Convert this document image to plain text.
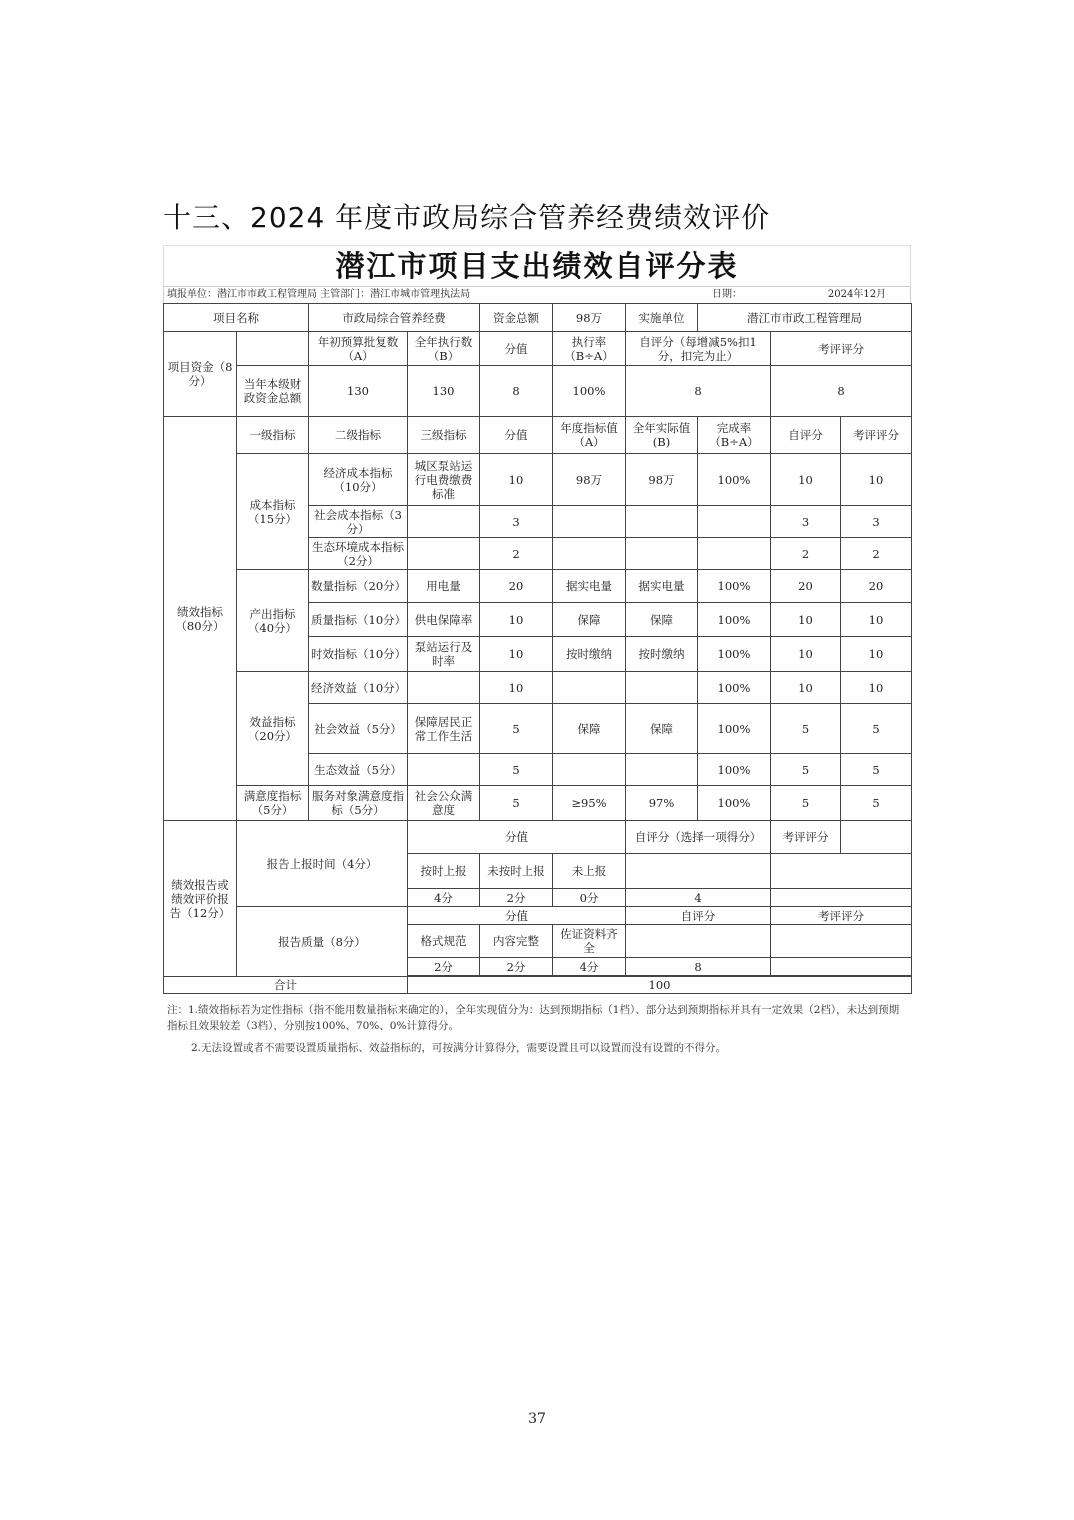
十三、2024 年度市政局综合管养经费绩效评价
潜江市项目支出绩效自评分表
填报单位：潜江市市政工程管理局 主管部门：潜江市城市管理执法局	日期：	2024年12月
项目名称		市政局综合管养经费		资金总额	98万	实施单位	潜江市市政工程管理局		
项目资金（8分）		年初预算批复数（A）	全年执行数（B）	分值	执行率（B÷A）	自评分（每增减5%扣1分，扣完为止）		考评评分	
	当年本级财政资金总额	130	130	8	100%	8		8	
绩效指标（80分）	一级指标	二级指标	三级指标	分值	年度指标值（A）	全年实际值(B)	完成率（B÷A）	自评分	考评评分
	成本指标（15分）	经济成本指标（10分）	城区泵站运行电费缴费标准	10	98万	98万	100%	10	10
		社会成本指标（3分）		3				3	3
		生态环境成本指标（2分）		2				2	2
	产出指标（40分）	数量指标（20分）	用电量	20	据实电量	据实电量	100%	20	20
		质量指标（10分）	供电保障率	10	保障	保障	100%	10	10
		时效指标（10分）	泵站运行及时率	10	按时缴纳	按时缴纳	100%	10	10
	效益指标（20分）	经济效益（10分）		10			100%	10	10
		社会效益（5分）	保障居民正常工作生活	5	保障	保障	100%	5	5
		生态效益（5分）		5			100%	5	5
	满意度指标（5分）	服务对象满意度指标（5分）	社会公众满意度	5	≥95%	97%	100%	5	5
绩效报告或绩效评价报告（12分）	报告上报时间（4分）		分值			自评分（选择一项得分）		考评评分	
			按时上报	未按时上报	未上报				
			4分	2分	0分	4			
	报告质量（8分）		分值			自评分		考评评分	
			格式规范	内容完整	佐证资料齐全				
			2分	2分	4分	8			

合计			100						

注：1.绩效指标若为定性指标（指不能用数量指标来确定的），全年实现值分为：达到预期指标（1档）、部分达到预期指标并具有一定效果（2档），未达到预期指标且效果较差（3档），分别按100%、70%、0%计算得分。

2.无法设置或者不需要设置质量指标、效益指标的，可按满分计算得分，需要设置且可以设置而没有设置的不得分。

37
